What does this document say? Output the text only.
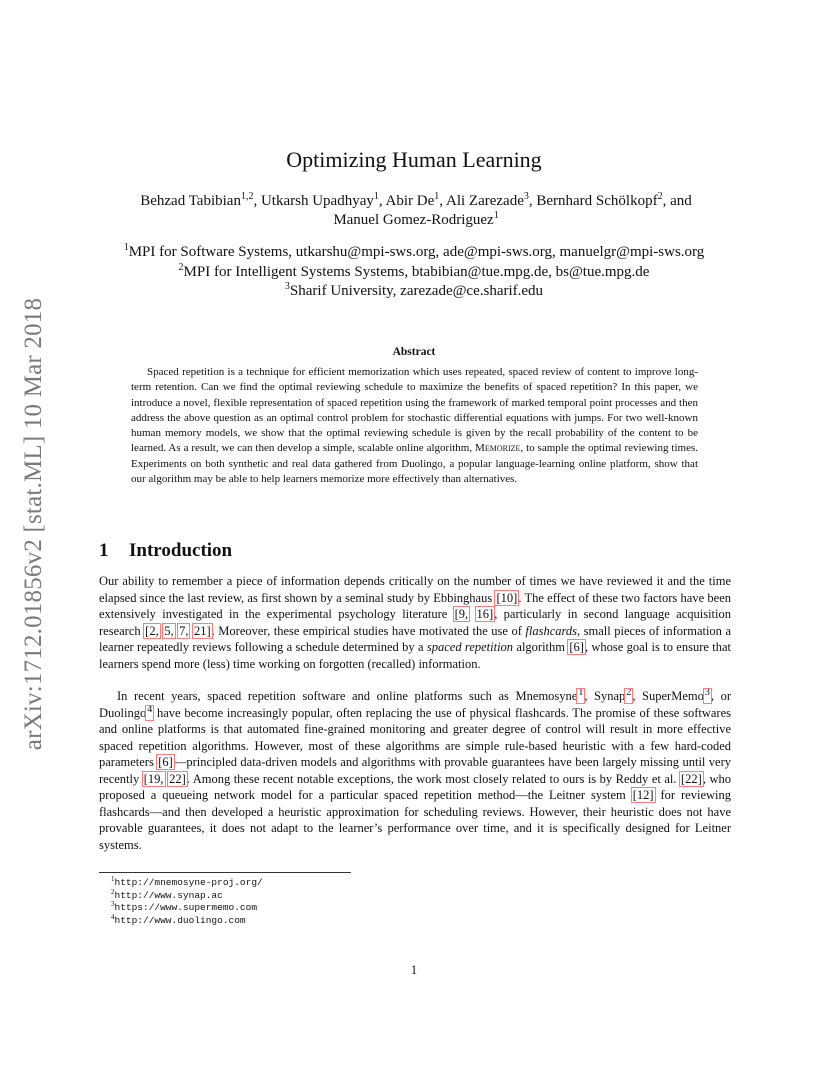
arXiv:1712.01856v2 [stat.ML] 10 Mar 2018
Optimizing Human Learning
Behzad Tabibian$^{1,2}$, Utkarsh Upadhyay$^1$, Abir De$^1$, Ali Zarezade$^3$, Bernhard Schölkopf$^2$, and
Manuel Gomez-Rodriguez$^1$
$^1$MPI for Software Systems, utkarshu@mpi-sws.org, ade@mpi-sws.org, manuelgr@mpi-sws.org
$^2$MPI for Intelligent Systems Systems, btabibian@tue.mpg.de, bs@tue.mpg.de
$^3$Sharif University, zarezade@ce.sharif.edu
Abstract
Spaced repetition is a technique for efficient memorization which uses repeated, spaced review of content to improve long-term retention. Can we find the optimal reviewing schedule to maximize the benefits of spaced repetition? In this paper, we introduce a novel, flexible representation of spaced repetition using the framework of marked temporal point processes and then address the above question as an optimal control problem for stochastic differential equations with jumps. For two well-known human memory models, we show that the optimal reviewing schedule is given by the recall probability of the content to be learned. As a result, we can then develop a simple, scalable online algorithm, Memorize, to sample the optimal reviewing times. Experiments on both synthetic and real data gathered from Duolingo, a popular language-learning online platform, show that our algorithm may be able to help learners memorize more effectively than alternatives.
1 Introduction
Our ability to remember a piece of information depends critically on the number of times we have reviewed it and the time elapsed since the last review, as first shown by a seminal study by Ebbinghaus [10]. The effect of these two factors have been extensively investigated in the experimental psychology literature [9, 16], particularly in second language acquisition research [2, 5, 7, 21]. Moreover, these empirical studies have motivated the use of flashcards, small pieces of information a learner repeatedly reviews following a schedule determined by a spaced repetition algorithm [6], whose goal is to ensure that learners spend more (less) time working on forgotten (recalled) information.
In recent years, spaced repetition software and online platforms such as Mnemosyne$^1$, Synap$^2$, SuperMemo$^3$, or Duolingo$^4$ have become increasingly popular, often replacing the use of physical flashcards. The promise of these softwares and online platforms is that automated fine-grained monitoring and greater degree of control will result in more effective spaced repetition algorithms. However, most of these algorithms are simple rule-based heuristic with a few hard-coded parameters [6]—principled data-driven models and algorithms with provable guarantees have been largely missing until very recently [19, 22]. Among these recent notable exceptions, the work most closely related to ours is by Reddy et al. [22], who proposed a queueing network model for a particular spaced repetition method—the Leitner system [12] for reviewing flashcards—and then developed a heuristic approximation for scheduling reviews. However, their heuristic does not have provable guarantees, it does not adapt to the learner’s performance over time, and it is specifically designed for Leitner systems.
$^1$http://mnemosyne-proj.org/
$^2$http://www.synap.ac
$^3$https://www.supermemo.com
$^4$http://www.duolingo.com
1
